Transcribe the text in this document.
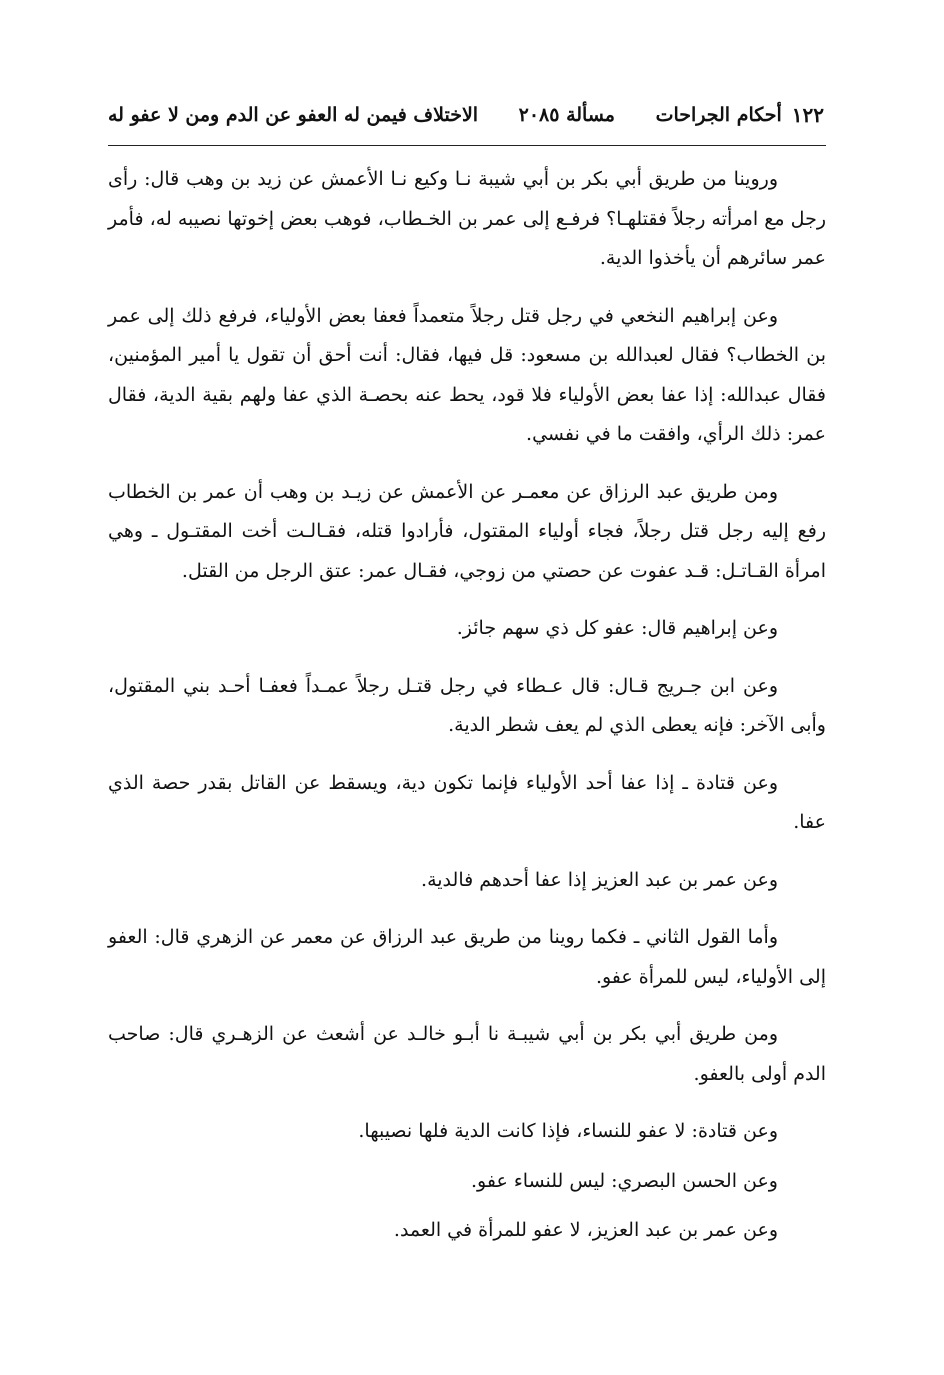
١٢٢
أحكام الجراحات
مسألة ٢٠٨٥
الاختلاف فيمن له العفو عن الدم ومن لا عفو له

وروينا من طريق أبي بكر بن أبي شيبة نـا وكيع نـا الأعمش عن زيد بن وهب قال: رأى رجل مع امرأته رجلاً فقتلهـا؟ فرفـع إلى عمر بن الخـطاب، فوهب بعض إخوتها نصيبه له، فأمر عمر سائرهم أن يأخذوا الدية.

وعن إبراهيم النخعي في رجل قتل رجلاً متعمداً فعفا بعض الأولياء، فرفع ذلك إلى عمر بن الخطاب؟ فقال لعبدالله بن مسعود: قل فيها، فقال: أنت أحق أن تقول يا أمير المؤمنين، فقال عبدالله: إذا عفا بعض الأولياء فلا قود، يحط عنه بحصـة الذي عفا ولهم بقية الدية، فقال عمر: ذلك الرأي، وافقت ما في نفسي.

ومن طريق عبد الرزاق عن معمـر عن الأعمش عن زيـد بن وهب أن عمر بن الخطاب رفع إليه رجل قتل رجلاً، فجاء أولياء المقتول، فأرادوا قتله، فقـالـت أخت المقتـول ـ وهي امرأة القـاتـل: قـد عفوت عن حصتي من زوجي، فقـال عمر: عتق الرجل من القتل.

وعن إبراهيم قال: عفو كل ذي سهم جائز.

وعن ابن جـريج قـال: قال عـطاء في رجل قتـل رجلاً عمـداً فعفـا أحـد بني المقتول، وأبى الآخر: فإنه يعطى الذي لم يعف شطر الدية.

وعن قتادة ـ إذا عفا أحد الأولياء فإنما تكون دية، ويسقط عن القاتل بقدر حصة الذي عفا.

وعن عمر بن عبد العزيز إذا عفا أحدهم فالدية.

وأما القول الثاني ـ فكما روينا من طريق عبد الرزاق عن معمر عن الزهري قال: العفو إلى الأولياء، ليس للمرأة عفو.

ومن طريق أبي بكر بن أبي شيبـة نا أبـو خالـد عن أشعث عن الزهـري قال: صاحب الدم أولى بالعفو.

وعن قتادة: لا عفو للنساء، فإذا كانت الدية فلها نصيبها.

وعن الحسن البصري: ليس للنساء عفو.

وعن عمر بن عبد العزيز، لا عفو للمرأة في العمد.
